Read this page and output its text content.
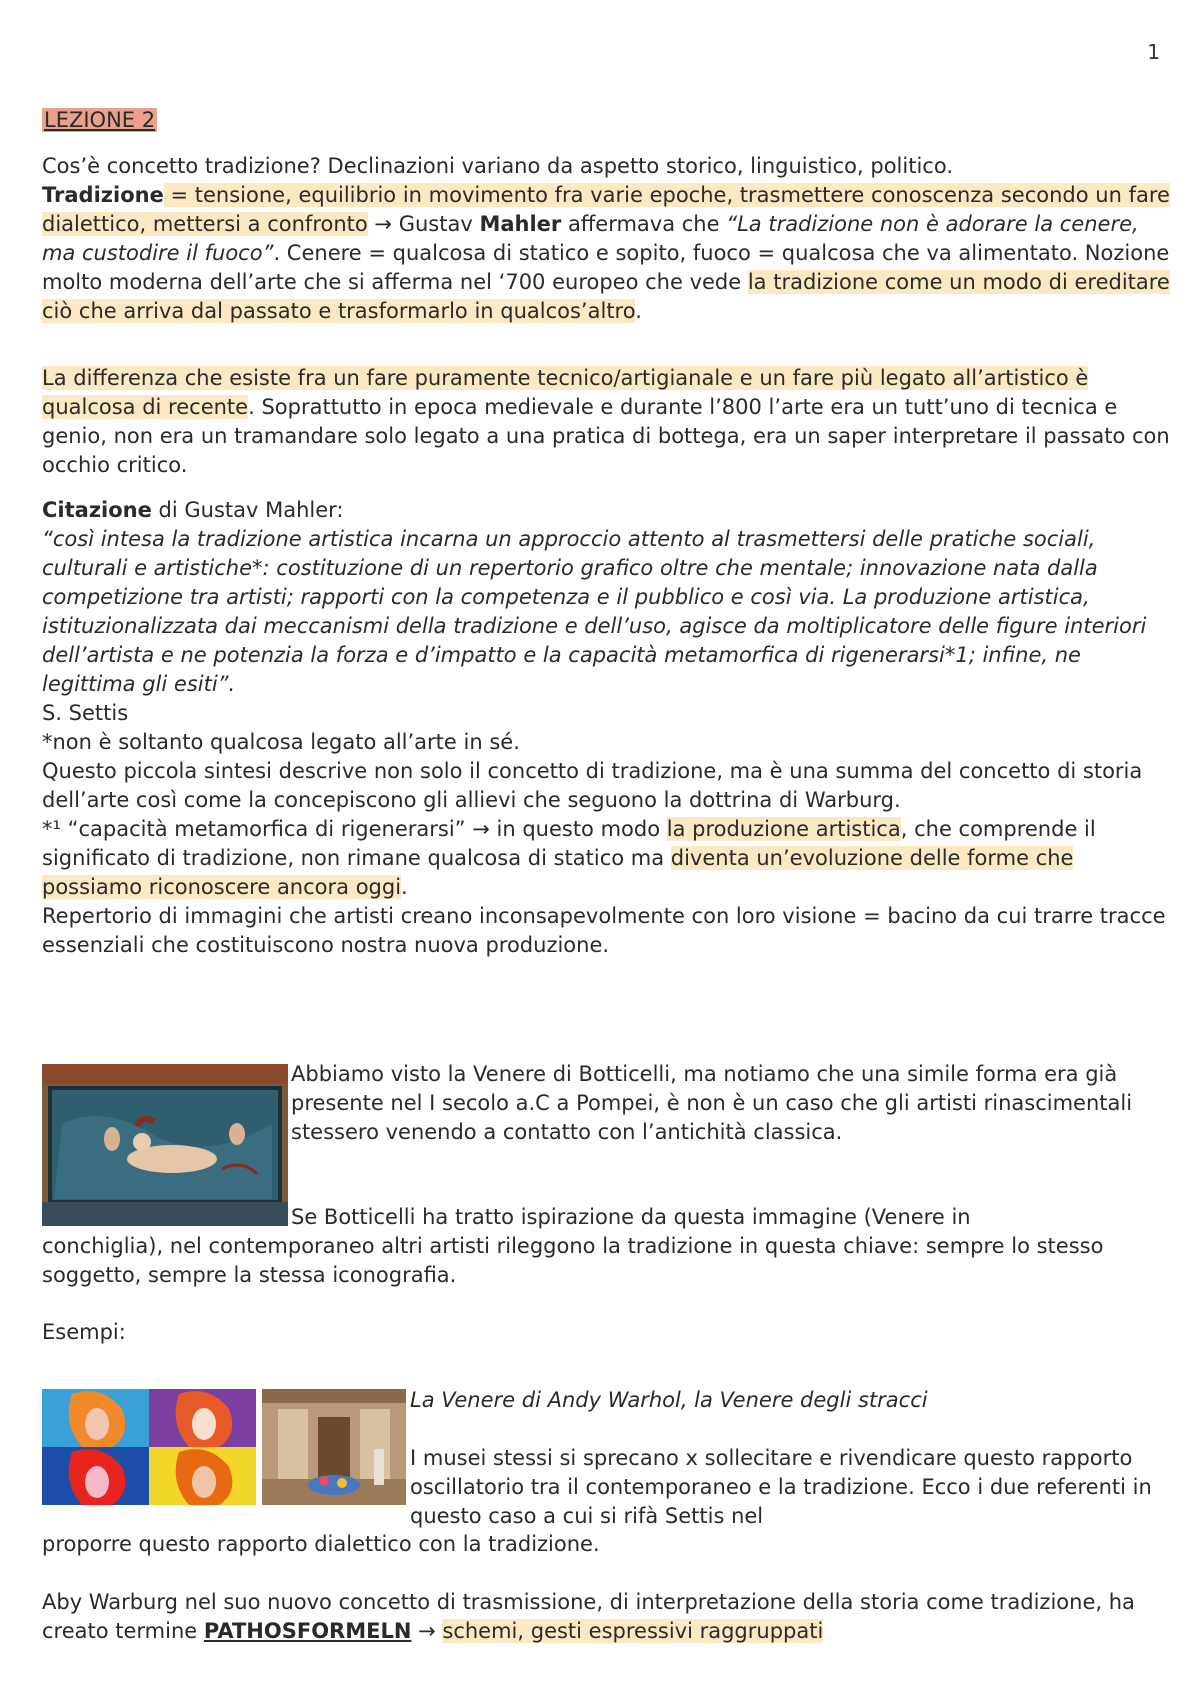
1
LEZIONE 2
Cos’è concetto tradizione? Declinazioni variano da aspetto storico, linguistico, politico.
Tradizione = tensione, equilibrio in movimento fra varie epoche, trasmettere conoscenza secondo un fare dialettico, mettersi a confronto → Gustav Mahler affermava che “La tradizione non è adorare la cenere, ma custodire il fuoco”. Cenere = qualcosa di statico e sopito, fuoco = qualcosa che va alimentato. Nozione molto moderna dell’arte che si afferma nel ‘700 europeo che vede la tradizione come un modo di ereditare ciò che arriva dal passato e trasformarlo in qualcos’altro.
La differenza che esiste fra un fare puramente tecnico/artigianale e un fare più legato all’artistico è qualcosa di recente. Soprattutto in epoca medievale e durante l’800 l’arte era un tutt’uno di tecnica e genio, non era un tramandare solo legato a una pratica di bottega, era un saper interpretare il passato con occhio critico.
Citazione di Gustav Mahler:
“così intesa la tradizione artistica incarna un approccio attento al trasmettersi delle pratiche sociali, culturali e artistiche*: costituzione di un repertorio grafico oltre che mentale; innovazione nata dalla competizione tra artisti; rapporti con la competenza e il pubblico e così via. La produzione artistica, istituzionalizzata dai meccanismi della tradizione e dell’uso, agisce da moltiplicatore delle figure interiori dell’artista e ne potenzia la forza e d’impatto e la capacità metamorfica di rigenerarsi*1; infine, ne legittima gli esiti”.
S. Settis
*non è soltanto qualcosa legato all’arte in sé.
Questo piccola sintesi descrive non solo il concetto di tradizione, ma è una summa del concetto di storia dell’arte così come la concepiscono gli allievi che seguono la dottrina di Warburg.
*¹ “capacità metamorfica di rigenerarsi” → in questo modo la produzione artistica, che comprende il significato di tradizione, non rimane qualcosa di statico ma diventa un’evoluzione delle forme che possiamo riconoscere ancora oggi.
Repertorio di immagini che artisti creano inconsapevolmente con loro visione = bacino da cui trarre tracce essenziali che costituiscono nostra nuova produzione.
Abbiamo visto la Venere di Botticelli, ma notiamo che una simile forma era già presente nel I secolo a.C a Pompei, è non è un caso che gli artisti rinascimentali stessero venendo a contatto con l’antichità classica.
Se Botticelli ha tratto ispirazione da questa immagine (Venere in
conchiglia), nel contemporaneo altri artisti rileggono la tradizione in questa chiave: sempre lo stesso soggetto, sempre la stessa iconografia.
Esempi:
La Venere di Andy Warhol, la Venere degli stracci

I musei stessi si sprecano x sollecitare e rivendicare questo rapporto oscillatorio tra il contemporaneo e la tradizione. Ecco i due referenti in questo caso a cui si rifà Settis nel
proporre questo rapporto dialettico con la tradizione.
Aby Warburg nel suo nuovo concetto di trasmissione, di interpretazione della storia come tradizione, ha creato termine PATHOSFORMELN → schemi, gesti espressivi raggruppati
